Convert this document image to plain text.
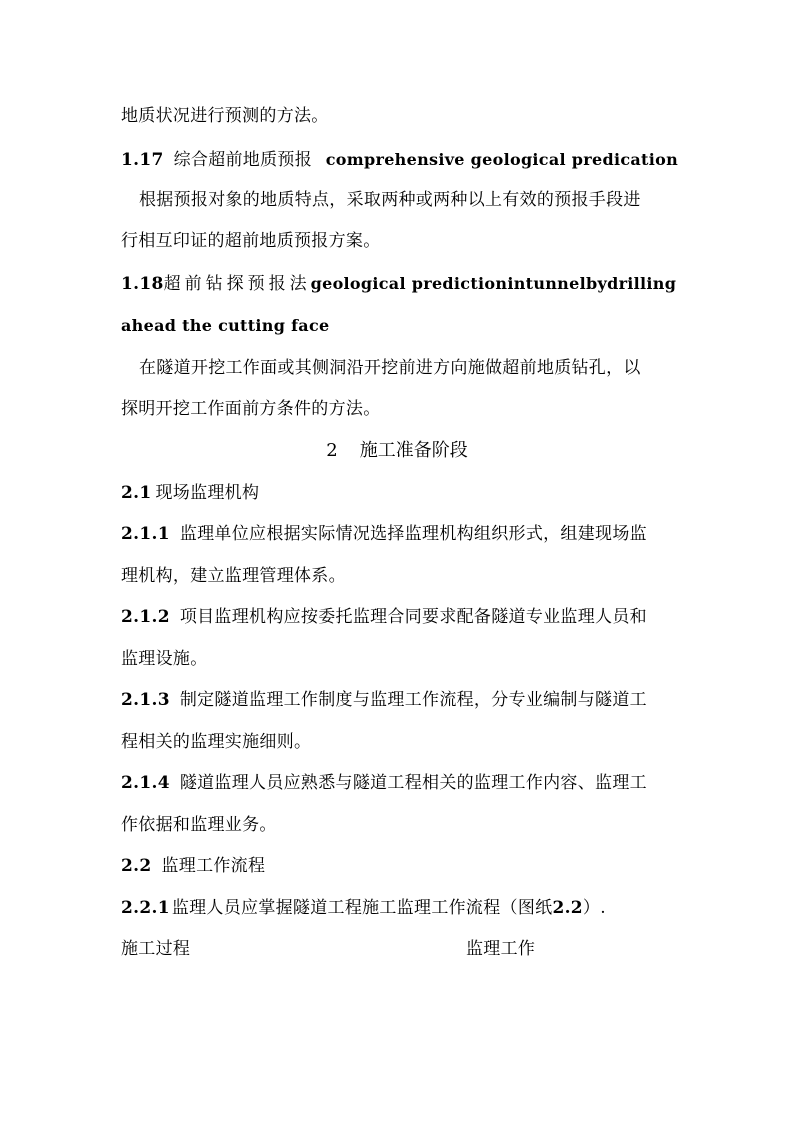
地质状况进行预测的方法。
1.17 综合超前地质预报 comprehensive geological predication
根据预报对象的地质特点，采取两种或两种以上有效的预报手段进
行相互印证的超前地质预报方案。
1.18 超前钻探预报法 geological prediction in tunnel by drilling
ahead the cutting face
在隧道开挖工作面或其侧洞沿开挖前进方向施做超前地质钻孔，以
探明开挖工作面前方条件的方法。
2 施工准备阶段
2.1 现场监理机构
2.1.1 监理单位应根据实际情况选择监理机构组织形式，组建现场监
理机构，建立监理管理体系。
2.1.2 项目监理机构应按委托监理合同要求配备隧道专业监理人员和
监理设施。
2.1.3 制定隧道监理工作制度与监理工作流程，分专业编制与隧道工
程相关的监理实施细则。
2.1.4 隧道监理人员应熟悉与隧道工程相关的监理工作内容、监理工
作依据和监理业务。
2.2 监理工作流程
2.2.1 监理人员应掌握隧道工程施工监理工作流程（图纸2.2）.
施工过程	监理工作
